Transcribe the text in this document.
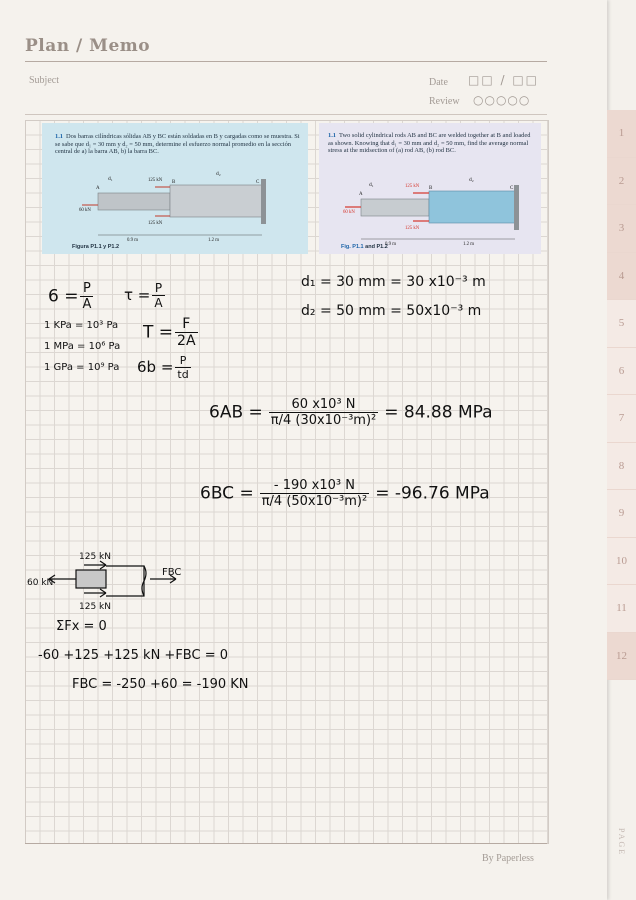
Plan / Memo
Subject	Date □□ / □□
Review ○○○○○
1.1 Dos barras cilíndricas sólidas AB y BC están soldadas en B y cargadas como se muestra. Si se sabe que d₁ = 30 mm y d₂ = 50 mm, determine el esfuerzo normal promedio en la sección central de a) la barra AB, b) la barra BC.
d₁
d₂
A
B	C
60 kN
125 kN
125 kN
0.9 m	1.2 m
Figura P1.1 y P1.2
1.1 Two solid cylindrical rods AB and BC are welded together at B and loaded as shown. Knowing that d₁ = 30 mm and d₂ = 50 mm, find the average normal stress at the midsection of (a) rod AB, (b) rod BC.
d₁
d₂
A
B	C
60 kN
125 kN
125 kN
0.9 m	1.2 m
Fig. P1.1 and P1.2
$6 = \frac{P}{A}$ $\tau = \frac{P}{A}$
1 KPa = 10³ Pa
1 MPa = 10⁶ Pa
1 GPa = 10⁹ Pa
$T = \frac{F}{2A}$
$6b = \frac{P}{td}$
d₁ = 30 mm = 30 x10⁻³ m
d₂ = 50 mm = 50x10⁻³ m
$6AB = \frac{\text{60 x10³ N}}{\text{π/4 (30x10⁻³m)²}} = 84.88$ MPa
$6BC = \frac{\text{- 190 x10³ N}}{\text{π/4 (50x10⁻³m)²}} = -96.76$ MPa
125 kN
60 kN
125 kN
FBC
ΣFx = 0
-60 +125 +125 kN +FBC = 0
FBC = -250 +60 = -190 KN
By Paperless
1
2
3
4
5
6
7
8
9
10
11
12
PAGE
